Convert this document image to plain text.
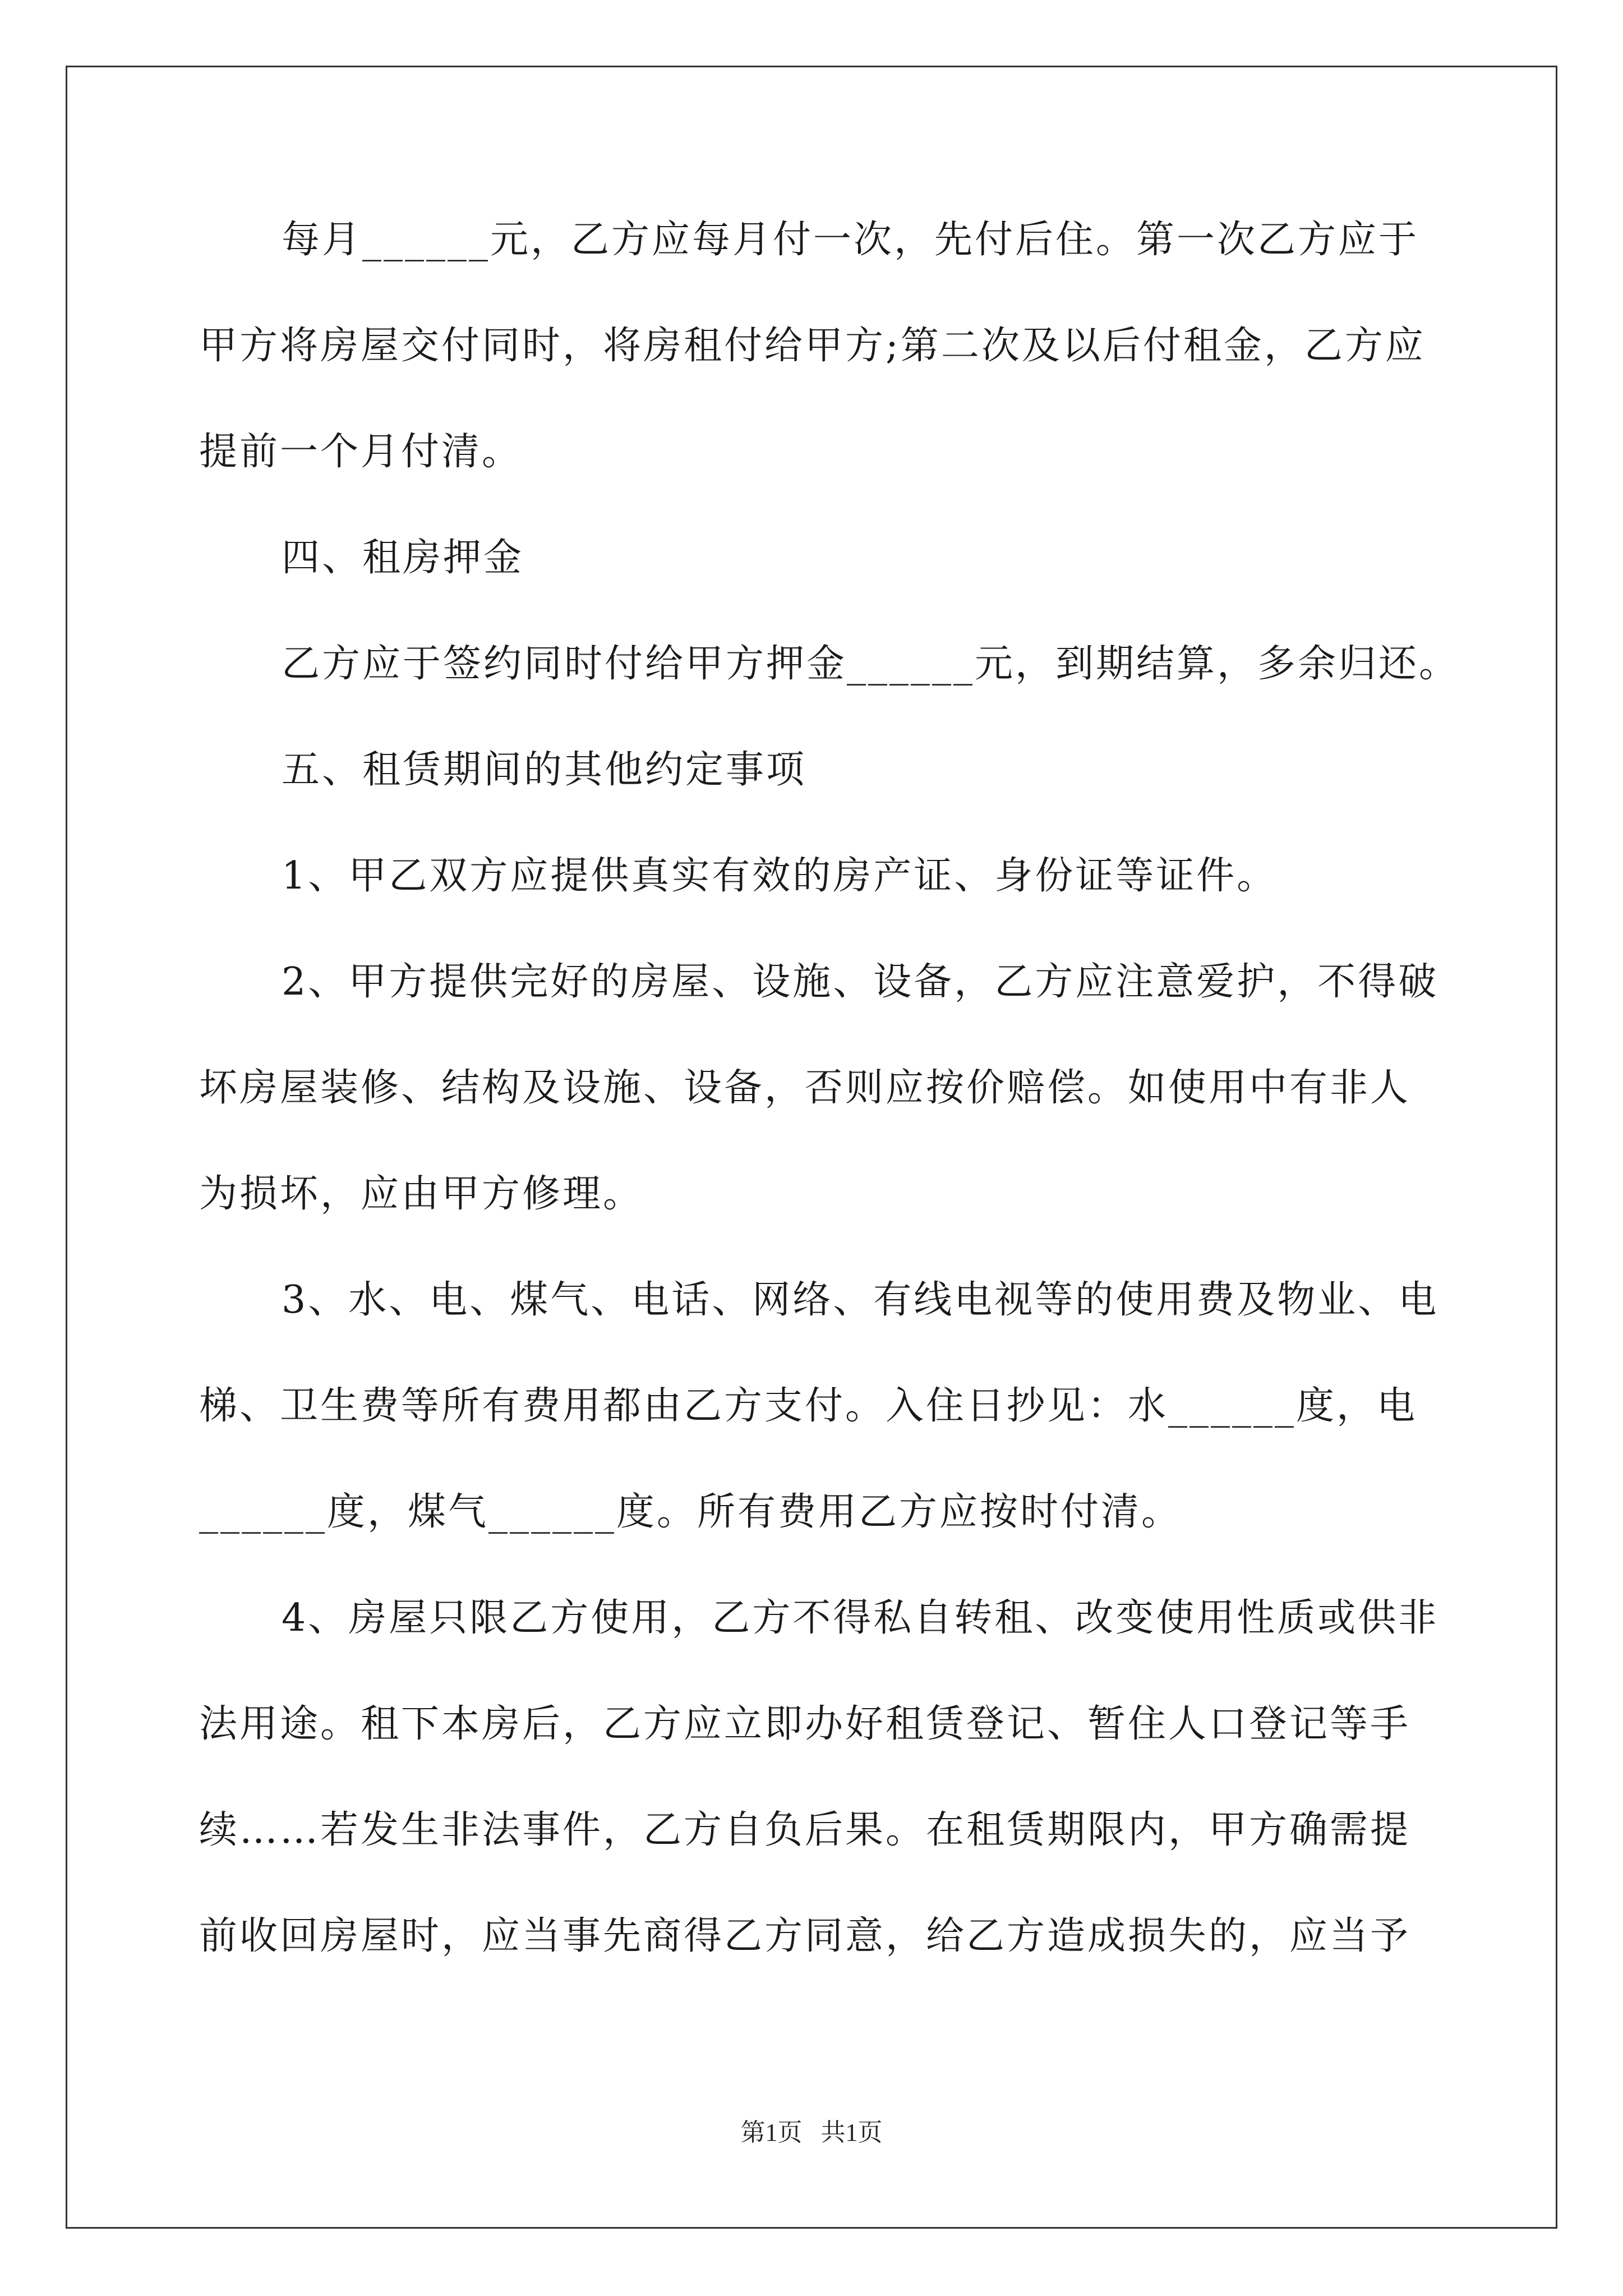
每月______元，乙方应每月付一次，先付后住。第一次乙方应于
甲方将房屋交付同时，将房租付给甲方;第二次及以后付租金，乙方应
提前一个月付清。
四、租房押金
乙方应于签约同时付给甲方押金______元，到期结算，多余归还。
五、租赁期间的其他约定事项
1、甲乙双方应提供真实有效的房产证、身份证等证件。
2、甲方提供完好的房屋、设施、设备，乙方应注意爱护，不得破
坏房屋装修、结构及设施、设备，否则应按价赔偿。如使用中有非人
为损坏，应由甲方修理。
3、水、电、煤气、电话、网络、有线电视等的使用费及物业、电
梯、卫生费等所有费用都由乙方支付。入住日抄见：水______度，电
______度，煤气______度。所有费用乙方应按时付清。
4、房屋只限乙方使用，乙方不得私自转租、改变使用性质或供非
法用途。租下本房后，乙方应立即办好租赁登记、暂住人口登记等手
续……若发生非法事件，乙方自负后果。在租赁期限内，甲方确需提
前收回房屋时，应当事先商得乙方同意，给乙方造成损失的，应当予
第1页   共1页
